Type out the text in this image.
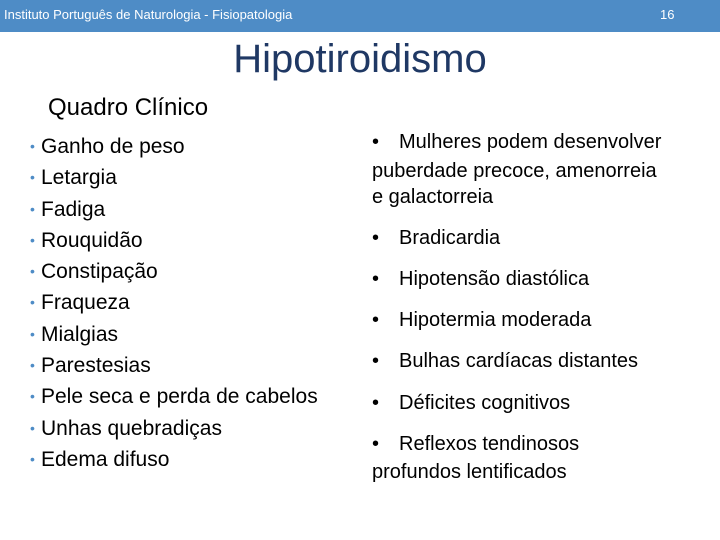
Instituto Português de Naturologia - Fisiopatologia	16
Hipotiroidismo
Quadro Clínico
• Ganho de peso
• Letargia
• Fadiga
• Rouquidão
• Constipação
• Fraqueza
• Mialgias
• Parestesias
• Pele seca e perda de cabelos
• Unhas quebradiças
• Edema difuso
• Mulheres podem desenvolver
puberdade precoce, amenorreia
e galactorreia
• Bradicardia
• Hipotensão diastólica
• Hipotermia moderada
• Bulhas cardíacas distantes
• Déficites cognitivos
• Reflexos tendinosos
profundos lentificados
